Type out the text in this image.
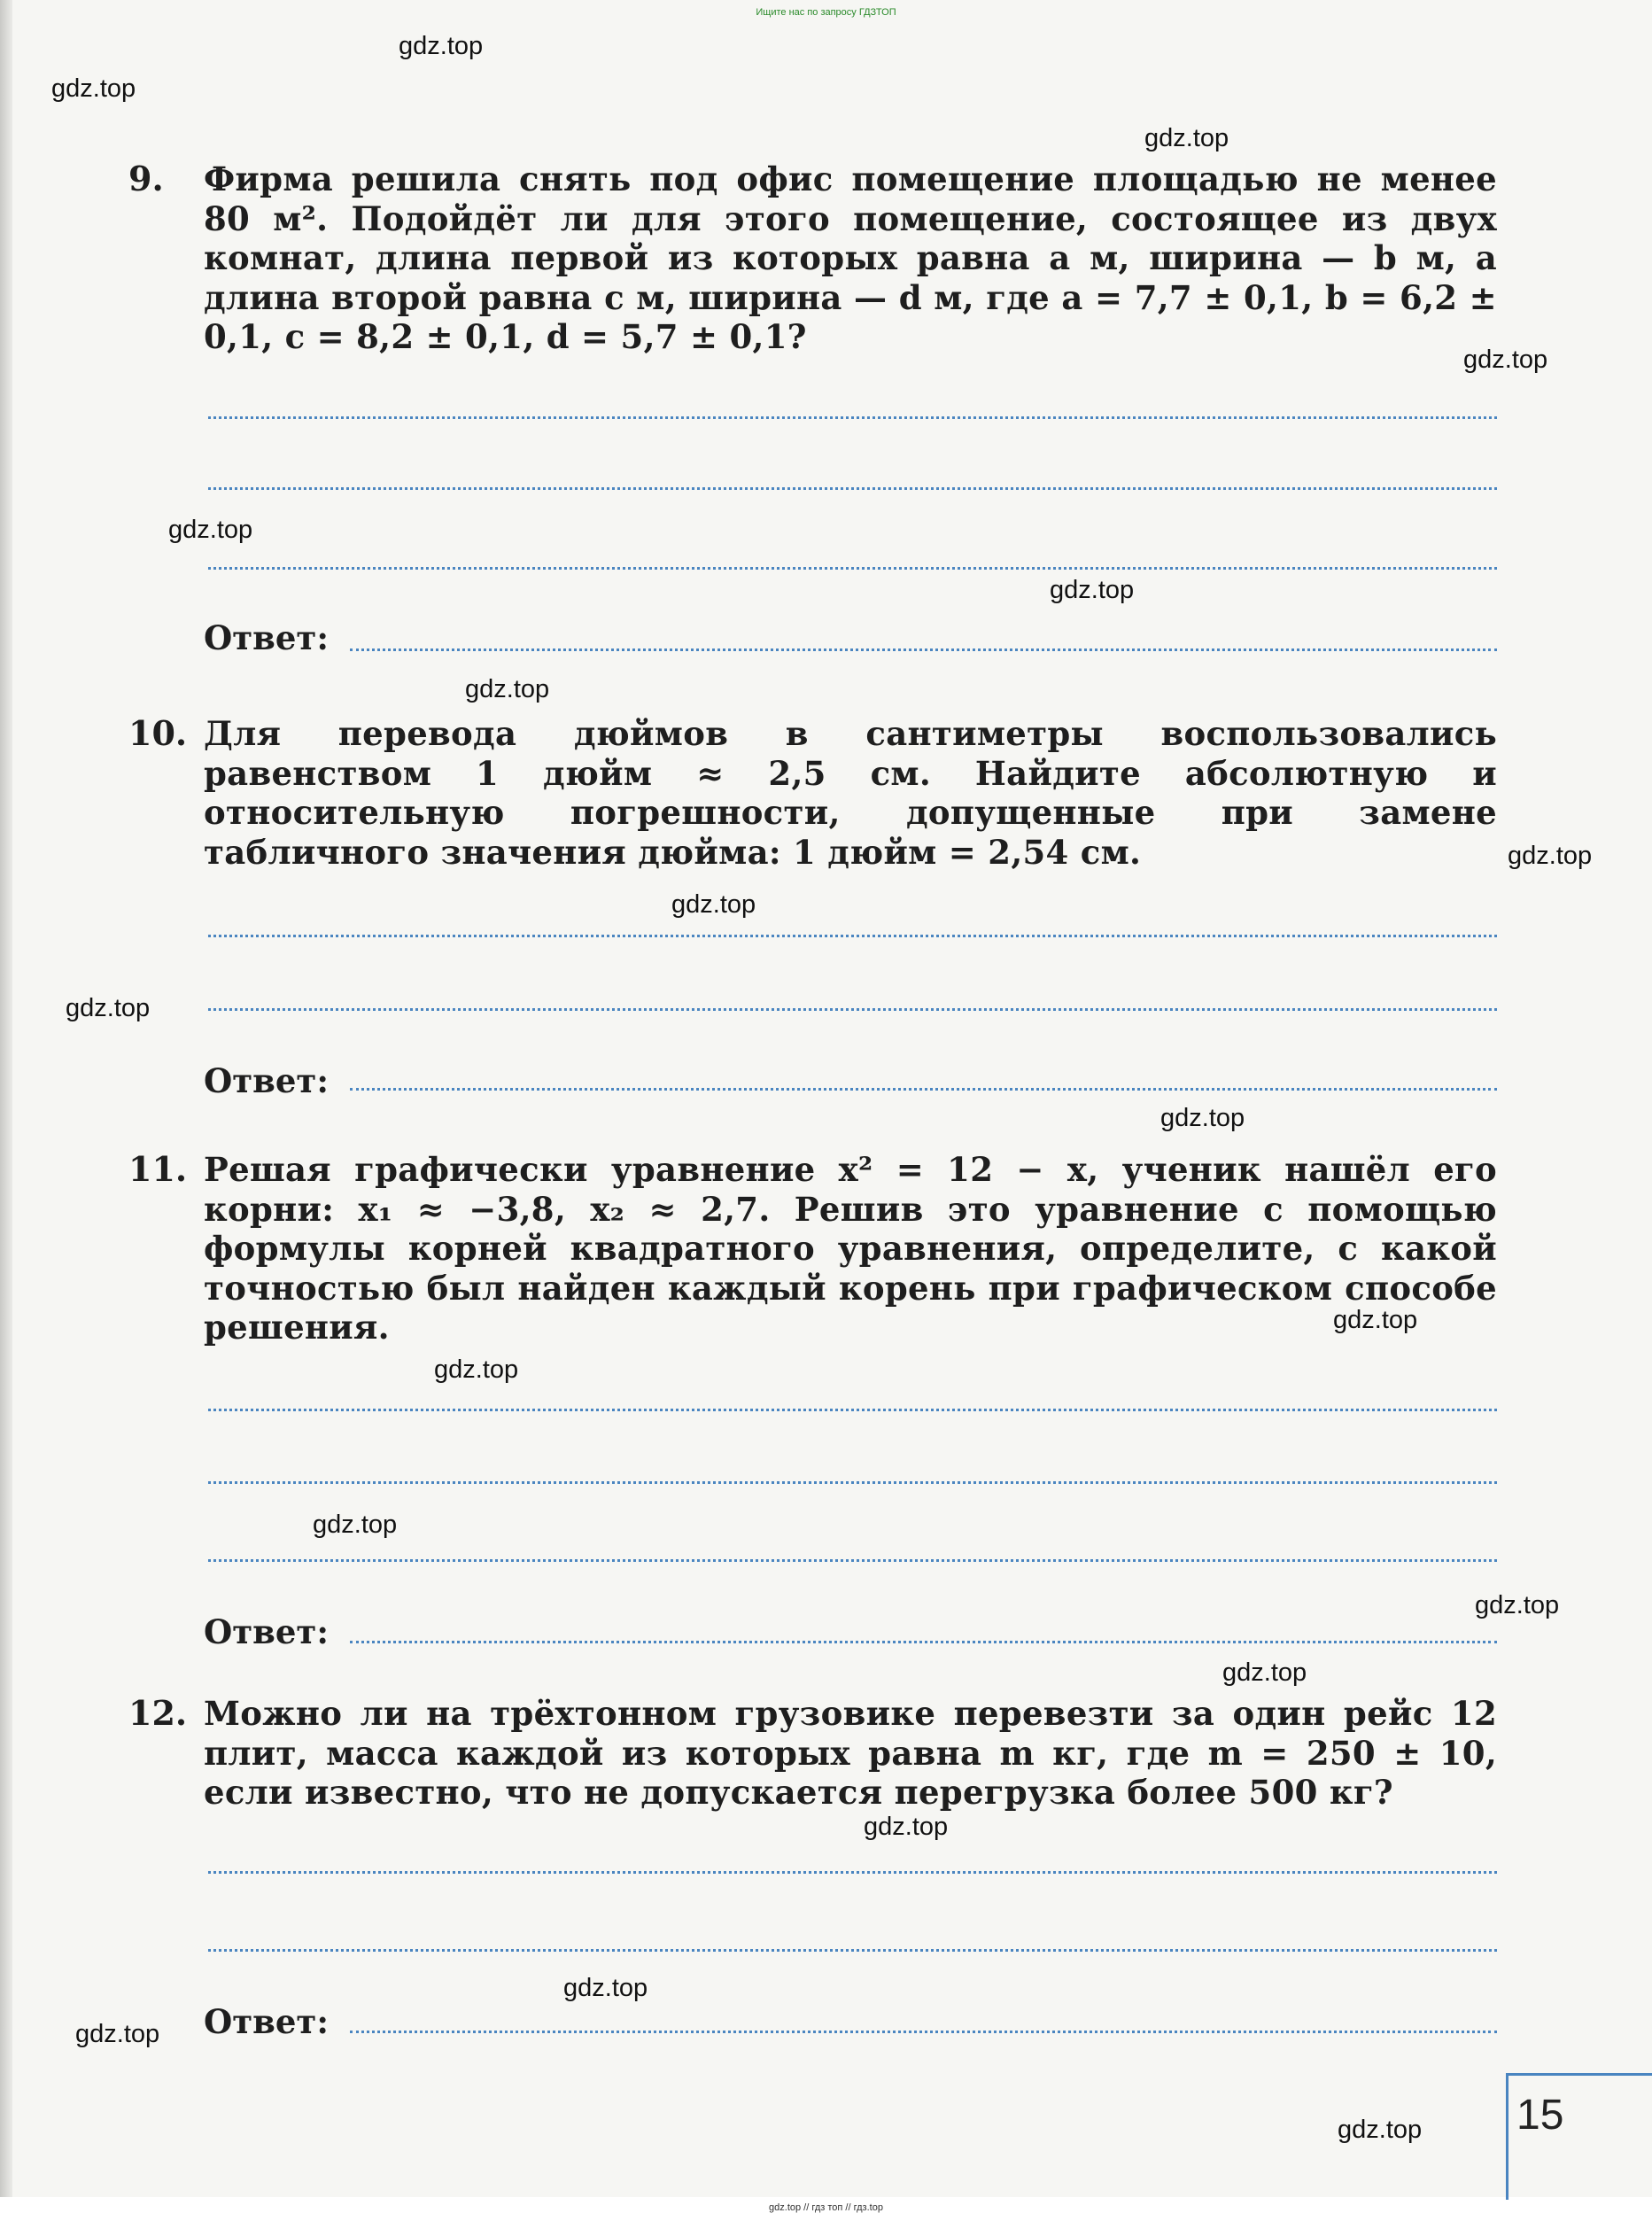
Ищите нас по запросу ГДЗТОП
gdz.top // гдз топ // гдз.top
gdz.top
gdz.top
gdz.top
gdz.top
gdz.top
gdz.top
gdz.top
gdz.top
gdz.top
gdz.top
gdz.top
gdz.top
gdz.top
gdz.top
gdz.top
gdz.top
gdz.top
gdz.top
gdz.top
gdz.top
9. Фирма решила снять под офис помещение площадью не менее 80 м². Подойдёт ли для этого помещение, состоящее из двух комнат, длина первой из которых равна a м, ширина — b м, а длина второй равна c м, ширина — d м, где a = 7,7 ± 0,1, b = 6,2 ± 0,1, c = 8,2 ± 0,1, d = 5,7 ± 0,1?
Ответ:
10. Для перевода дюймов в сантиметры воспользовались равенством 1 дюйм ≈ 2,5 см. Найдите абсолютную и относительную погрешности, допущенные при замене табличного значения дюйма: 1 дюйм = 2,54 см.
Ответ:
11. Решая графически уравнение x² = 12 − x, ученик нашёл его корни: x₁ ≈ −3,8, x₂ ≈ 2,7. Решив это уравнение с помощью формулы корней квадратного уравнения, определите, с какой точностью был найден каждый корень при графическом способе решения.
Ответ:
12. Можно ли на трёхтонном грузовике перевезти за один рейс 12 плит, масса каждой из которых равна m кг, где m = 250 ± 10, если известно, что не допускается перегрузка более 500 кг?
Ответ:
15
